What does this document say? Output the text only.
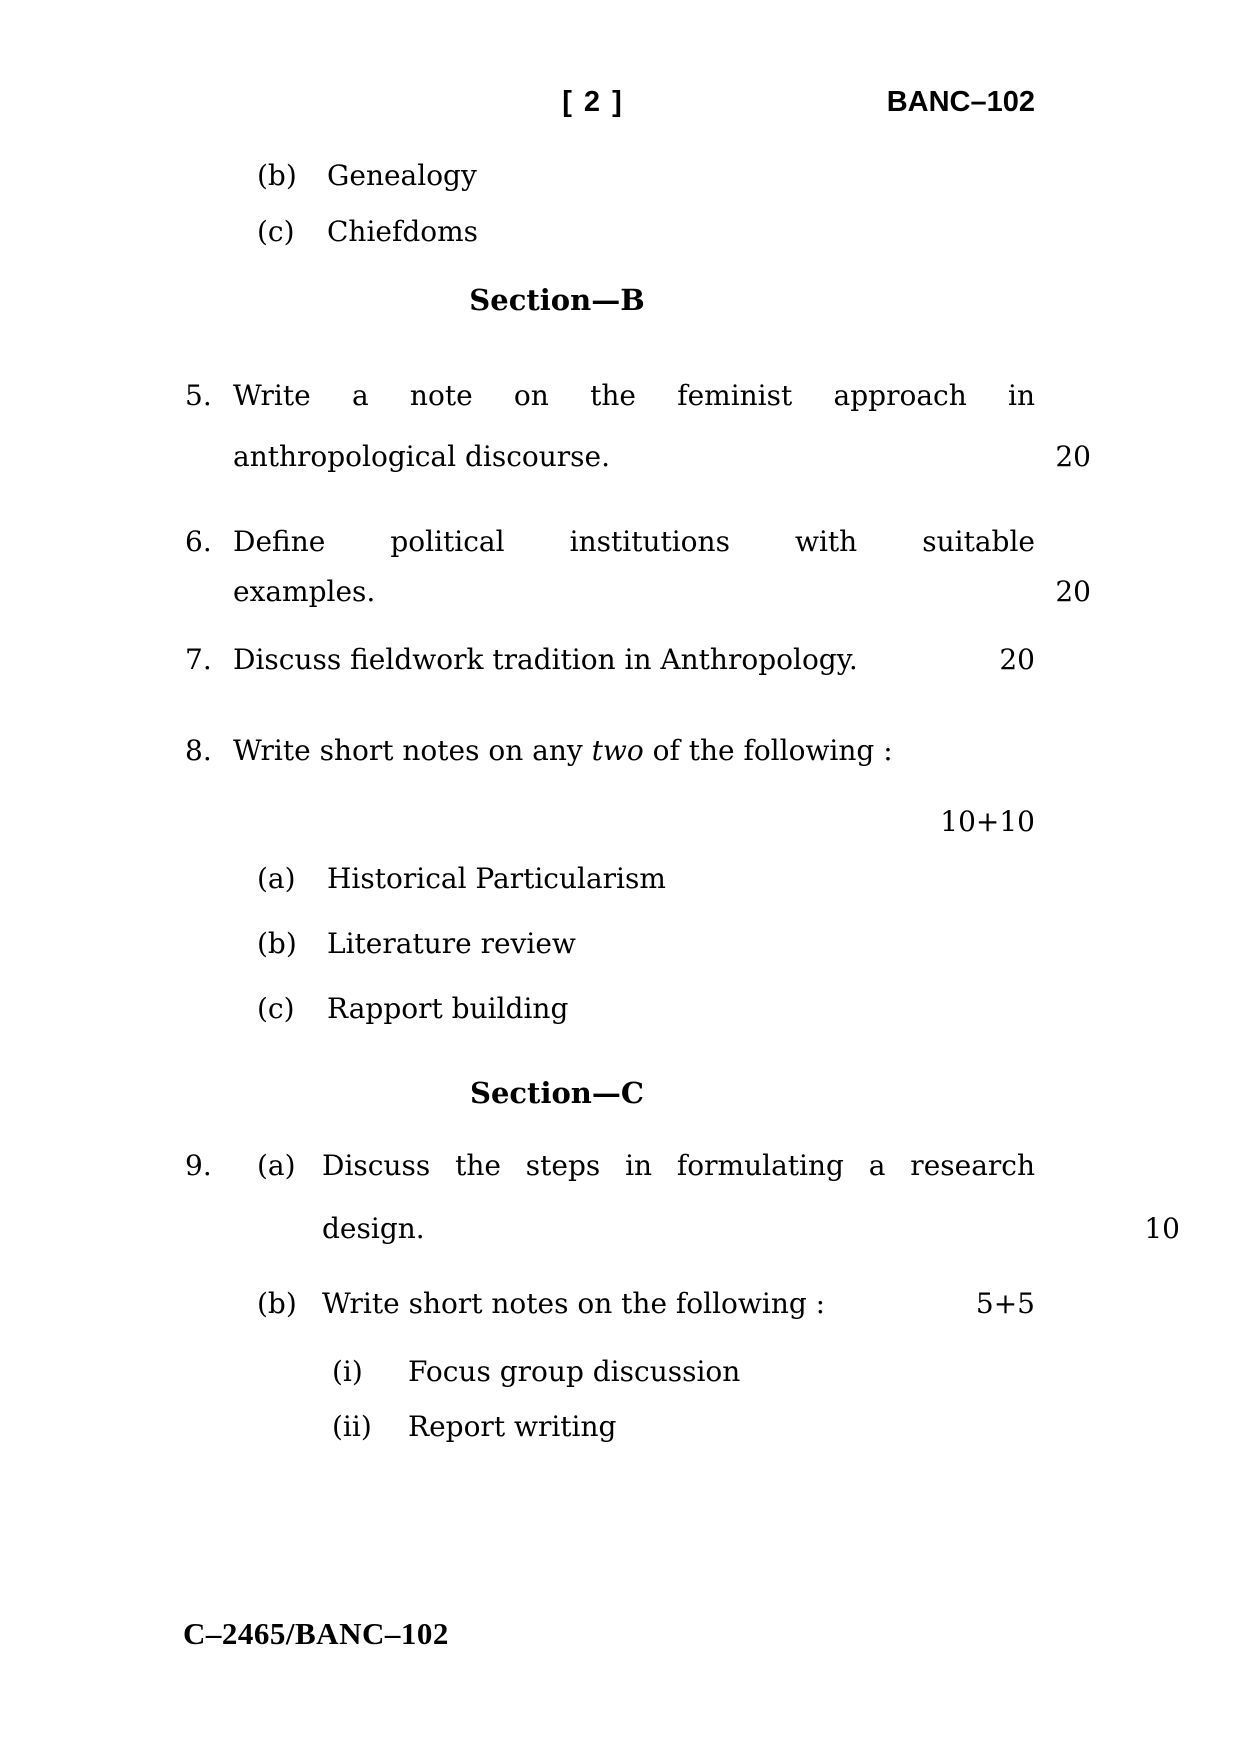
[ 2 ]	BANC–102
(b) Genealogy
(c) Chiefdoms
Section—B
5. Write a note on the feminist approach in
anthropological discourse.	20
6. Define political institutions with suitable
examples.	20
7. Discuss fieldwork tradition in Anthropology.	20
8. Write short notes on any two of the following :
10+10
(a) Historical Particularism
(b) Literature review
(c) Rapport building
Section—C
9. (a) Discuss the steps in formulating a research
design.	10
(b) Write short notes on the following :	5+5
(i) Focus group discussion
(ii) Report writing
C–2465/BANC–102
